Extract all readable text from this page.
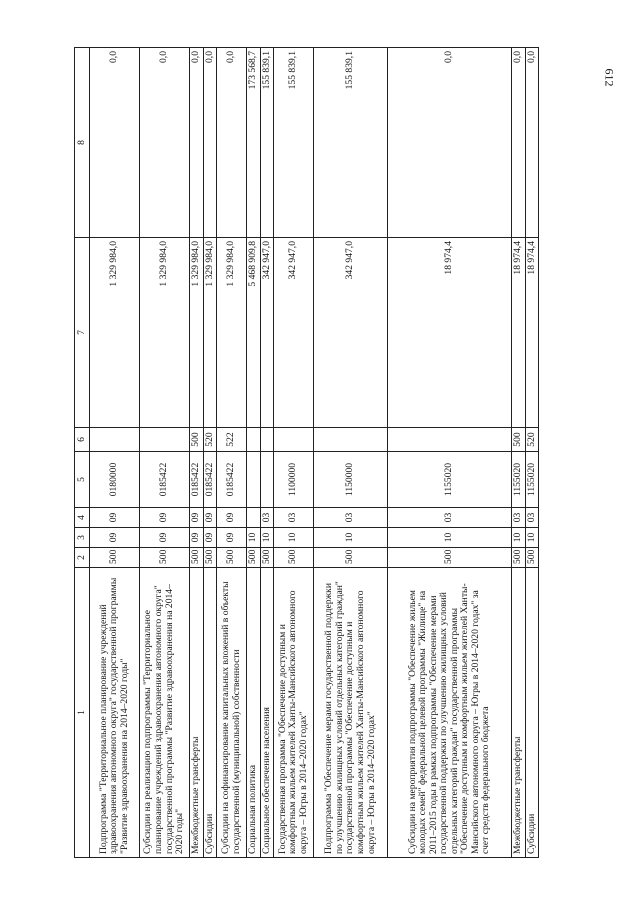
612
1	2	3	4	5	6	7	8
Подпрограмма "Территориальное планирование учреждений здравоохранения автономного округа" государственной программы "Развитие здравоохранения на 2014–2020 годы"	500	09	09	0180000		1 329 984,0	0,0
Субсидии на реализацию подпрограммы "Территориальное планирование учреждений здравоохранения автономного округа" государственной программы "Развитие здравоохранения на 2014–2020 годы"	500	09	09	0185422		1 329 984,0	0,0
Межбюджетные трансферты	500	09	09	0185422	500	1 329 984,0	0,0
Субсидии	500	09	09	0185422	520	1 329 984,0	0,0
Субсидии на софинансирование капитальных вложений в объекты государственной (муниципальной) собственности	500	09	09	0185422	522	1 329 984,0	0,0
Социальная политика	500	10				5 468 909,8	173 568,7
Социальное обеспечение населения	500	10	03			342 947,0	155 839,1
Государственная программа "Обеспечение доступным и комфортным жильем жителей Ханты-Мансийского автономного округа – Югры в 2014–2020 годах"	500	10	03	1100000		342 947,0	155 839,1
Подпрограмма "Обеспечение мерами государственной поддержки по улучшению жилищных условий отдельных категорий граждан" государственной программы "Обеспечение доступным и комфортным жильем жителей Ханты-Мансийского автономного округа – Югры в 2014–2020 годах"	500	10	03	1150000		342 947,0	155 839,1
Субсидии на мероприятия подпрограммы "Обеспечение жильем молодых семей" федеральной целевой программы "Жилище" на 2011–2015 годы в рамках подпрограммы "Обеспечение мерами государственной поддержки по улучшению жилищных условий отдельных категорий граждан" государственной программы "Обеспечение доступным и комфортным жильем жителей Ханты-Мансийского автономного округа – Югры в 2014–2020 годах" за счет средств федерального бюджета	500	10	03	1155020		18 974,4	0,0
Межбюджетные трансферты	500	10	03	1155020	500	18 974,4	0,0
Субсидии	500	10	03	1155020	520	18 974,4	0,0
